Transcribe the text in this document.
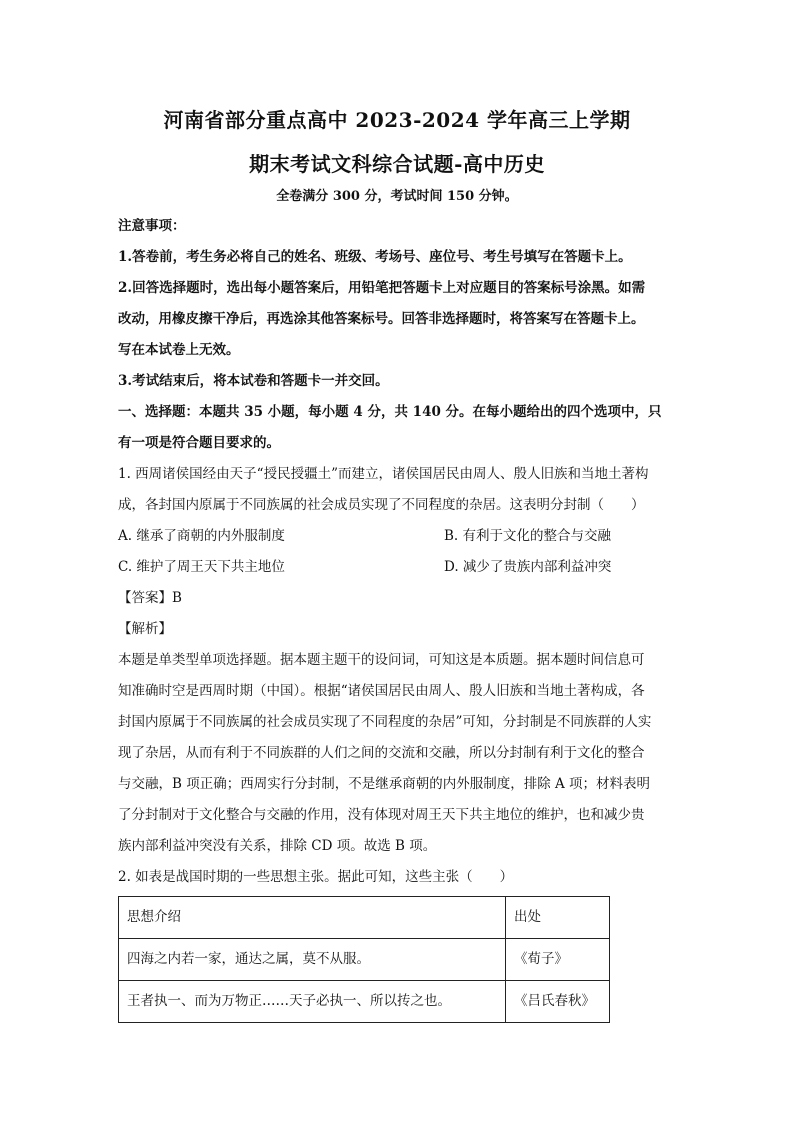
河南省部分重点高中 2023-2024 学年高三上学期
期末考试文科综合试题-高中历史
全卷满分 300 分，考试时间 150 分钟。

注意事项：

1.答卷前，考生务必将自己的姓名、班级、考场号、座位号、考生号填写在答题卡上。

2.回答选择题时，选出每小题答案后，用铅笔把答题卡上对应题目的答案标号涂黑。如需

改动，用橡皮擦干净后，再选涂其他答案标号。回答非选择题时，将答案写在答题卡上。

写在本试卷上无效。

3.考试结束后，将本试卷和答题卡一并交回。

一、选择题：本题共 35 小题，每小题 4 分，共 140 分。在每小题给出的四个选项中，只

有一项是符合题目要求的。

1. 西周诸侯国经由天子“授民授疆土”而建立，诸侯国居民由周人、殷人旧族和当地土著构

成，各封国内原属于不同族属的社会成员实现了不同程度的杂居。这表明分封制（　　）

A. 继承了商朝的内外服制度	B. 有利于文化的整合与交融
C. 维护了周王天下共主地位	D. 减少了贵族内部利益冲突

【答案】B

【解析】

本题是单类型单项选择题。据本题主题干的设问词，可知这是本质题。据本题时间信息可

知准确时空是西周时期（中国）。根据“诸侯国居民由周人、殷人旧族和当地土著构成，各

封国内原属于不同族属的社会成员实现了不同程度的杂居”可知，分封制是不同族群的人实

现了杂居，从而有利于不同族群的人们之间的交流和交融，所以分封制有利于文化的整合

与交融，B 项正确；西周实行分封制，不是继承商朝的内外服制度，排除 A 项；材料表明

了分封制对于文化整合与交融的作用，没有体现对周王天下共主地位的维护，也和减少贵

族内部利益冲突没有关系，排除 CD 项。故选 B 项。

2. 如表是战国时期的一些思想主张。据此可知，这些主张（　　）

思想介绍	出处
四海之内若一家，通达之属，莫不从服。	《荀子》
王者执一、而为万物正……天子必执一、所以抟之也。	《吕氏春秋》
